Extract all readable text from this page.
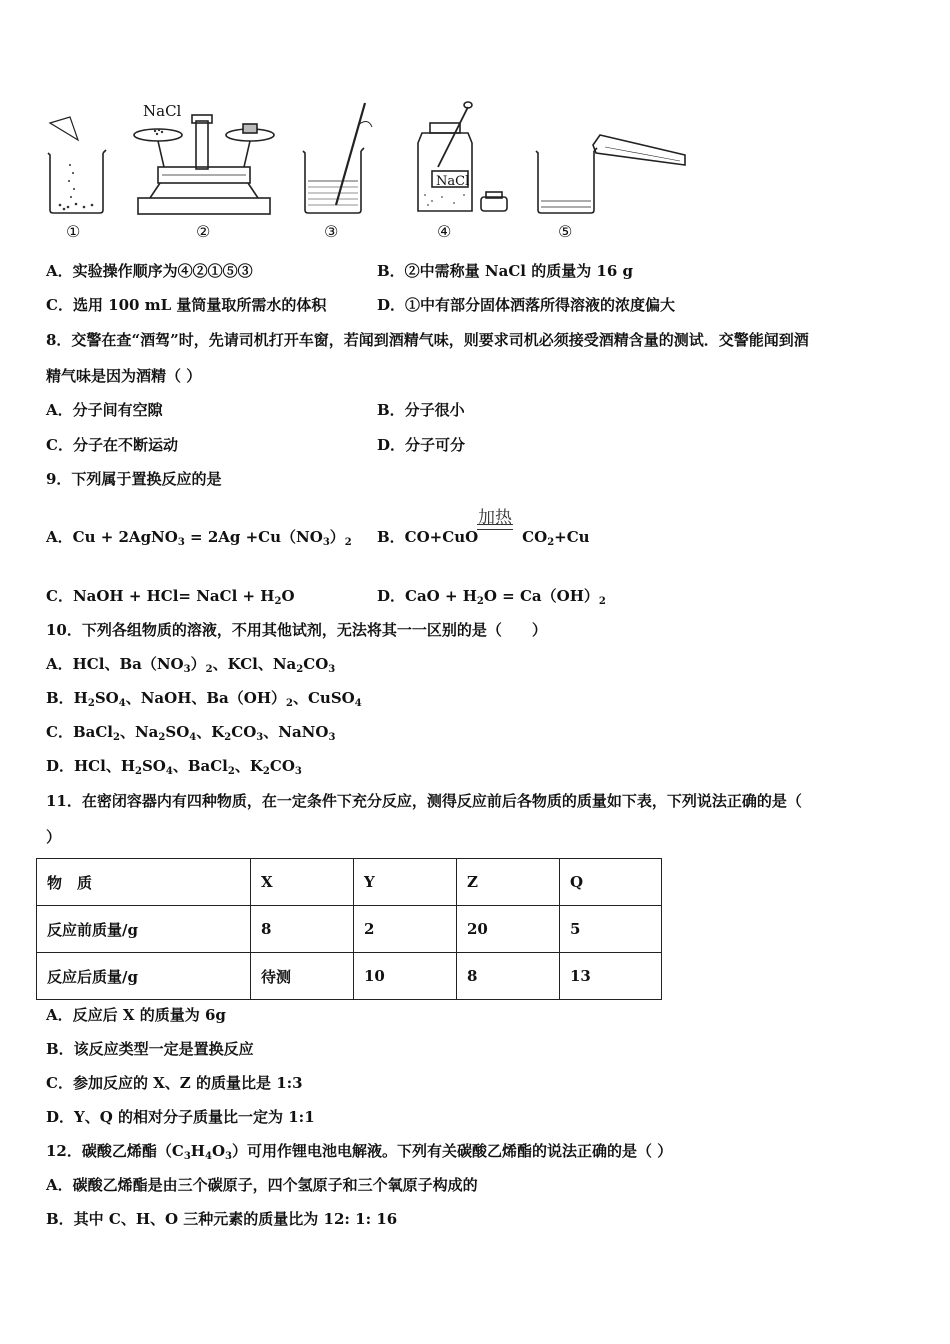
NaCl
NaCl
①	②	③	④	⑤
A．实验操作顺序为④②①⑤③	B．②中需称量 NaCl 的质量为 16 g
C．选用 100 mL 量筒量取所需水的体积	D．①中有部分固体洒落所得溶液的浓度偏大
8．交警在查“酒驾”时，先请司机打开车窗，若闻到酒精气味，则要求司机必须接受酒精含量的测试．交警能闻到酒
精气味是因为酒精（ ）
A．分子间有空隙	B．分子很小
C．分子在不断运动	D．分子可分
9．下列属于置换反应的是
A．Cu + 2AgNO$_3$ = $2Ag +Cu(NO_3)_2$ B．CO+CuO	$CO_2+Cu$
加热
C．NaOH + HCl= NaCl + $H_2O$	D．CaO + $H_2O = Ca(OH)_2$
10．下列各组物质的溶液，不用其他试剂，无法将其一一区别的是（　　）
A．HCl、$Ba(NO_3)_2$、KCl、$Na_2CO_3$
B．$H_2SO_4$、NaOH、$Ba(OH)_2$、CuSO$_4$
C．BaCl$_2$、$Na_2SO_4$、$K_2CO_3$、NaNO$_3$
D．HCl、$H_2SO_4$、BaCl$_2$、$K_2CO_3$
11．在密闭容器内有四种物质，在一定条件下充分反应，测得反应前后各物质的质量如下表，下列说法正确的是（
）
物　质	X	Y	Z	Q
反应前质量/g	8	2	20	5
反应后质量/g	待测	10	8	13
A．反应后 X 的质量为 6g
B．该反应类型一定是置换反应
C．参加反应的 X、Z 的质量比是 1:3
D．Y、Q 的相对分子质量比一定为 1:1
12．碳酸乙烯酯$(C_3H_4O_3)$可用作锂电池电解液。下列有关碳酸乙烯酯的说法正确的是（ ）
A．碳酸乙烯酯是由三个碳原子，四个氢原子和三个氧原子构成的
B．其中 C、H、O 三种元素的质量比为 12: 1: 16
